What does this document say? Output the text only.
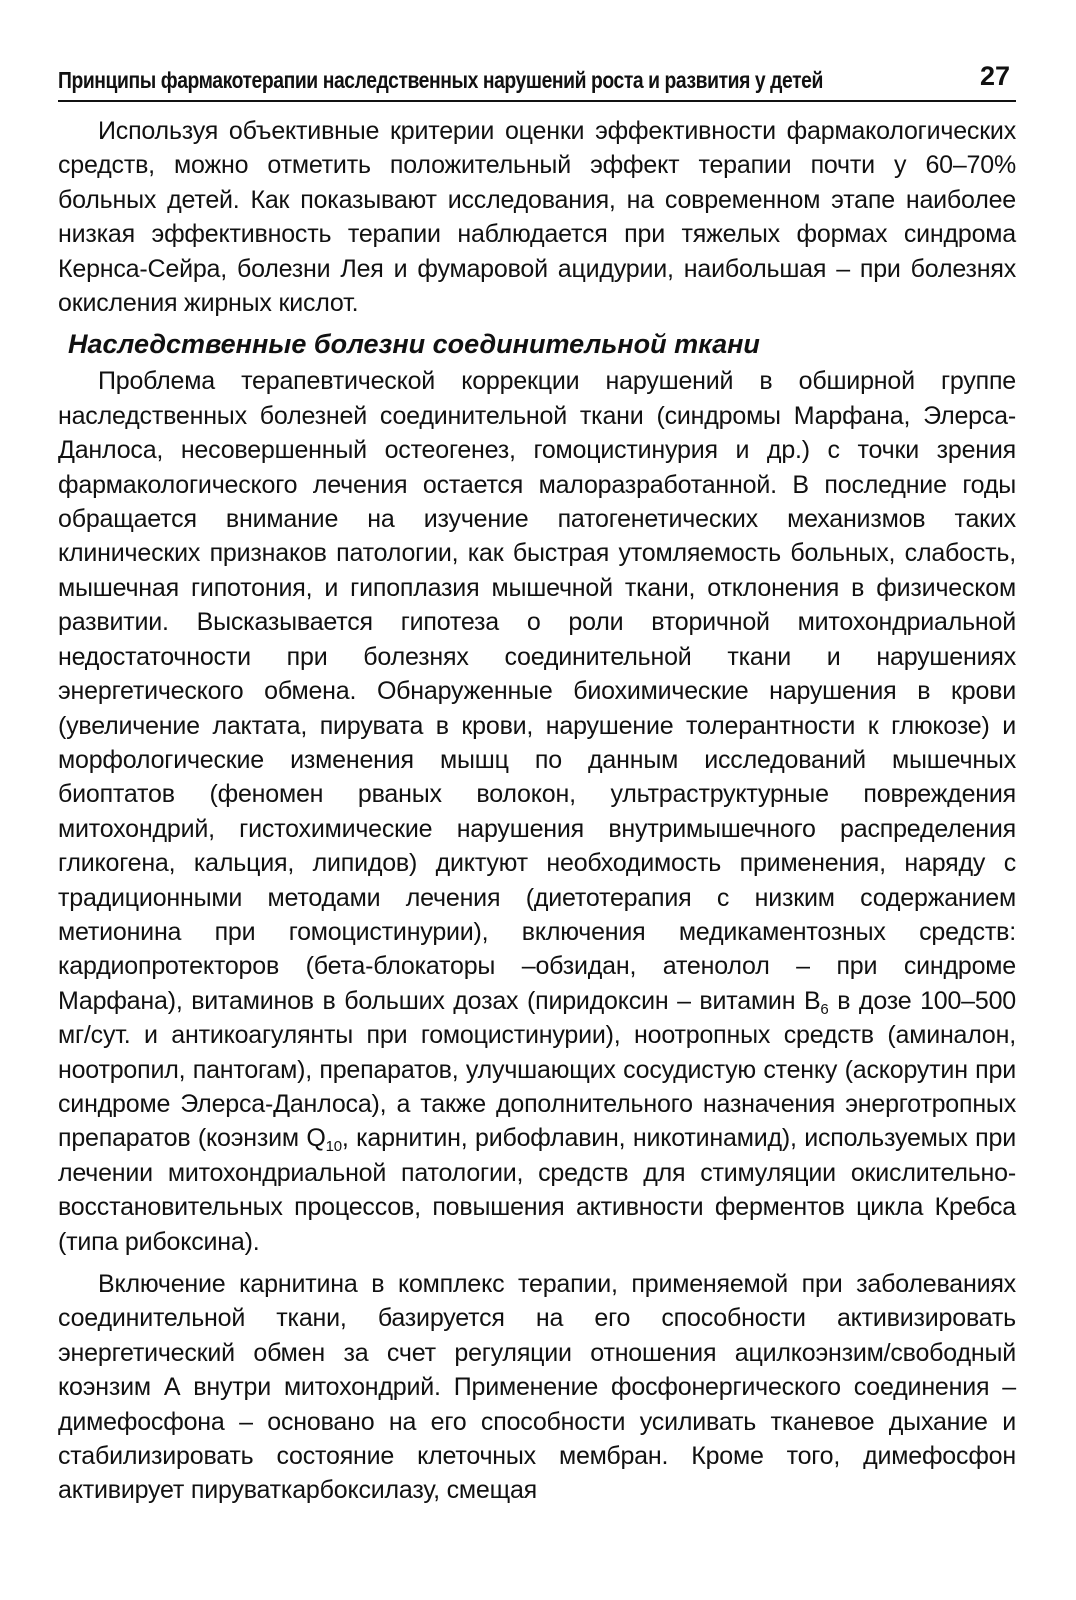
Принципы фармакотерапии наследственных нарушений роста и развития у детей	27

Используя объективные критерии оценки эффективности фармакологических средств, можно отметить положительный эффект терапии почти у 60–70% больных детей. Как показывают исследования, на современном этапе наиболее низкая эффективность терапии наблюдается при тяжелых формах синдрома Кернса-Сейра, болезни Лея и фумаровой ацидурии, наибольшая – при болезнях окисления жирных кислот.

Наследственные болезни соединительной ткани

Проблема терапевтической коррекции нарушений в обширной группе наследственных болезней соединительной ткани (синдромы Марфана, Элерса-Данлоса, несовершенный остеогенез, гомоцистинурия и др.) с точки зрения фармакологического лечения остается малоразработанной. В последние годы обращается внимание на изучение патогенетических механизмов таких клинических признаков патологии, как быстрая утомляемость больных, слабость, мышечная гипотония, и гипоплазия мышечной ткани, отклонения в физическом развитии. Высказывается гипотеза о роли вторичной митохондриальной недостаточности при болезнях соединительной ткани и нарушениях энергетического обмена. Обнаруженные биохимические нарушения в крови (увеличение лактата, пирувата в крови, нарушение толерантности к глюкозе) и морфологические изменения мышц по данным исследований мышечных биоптатов (феномен рваных волокон, ультраструктурные повреждения митохондрий, гистохимические нарушения внутримышечного распределения гликогена, кальция, липидов) диктуют необходимость применения, наряду с традиционными методами лечения (диетотерапия с низким содержанием метионина при гомоцистинурии), включения медикаментозных средств: кардиопротекторов (бета-блокаторы –обзидан, атенолол – при синдроме Марфана), витаминов в больших дозах (пиридоксин – витамин $B_6$ в дозе 100–500 мг/сут. и антикоагулянты при гомоцистинурии), ноотропных средств (аминалон, ноотропил, пантогам), препаратов, улучшающих сосудистую стенку (аскорутин при синдроме Элерса-Данлоса), а также дополнительного назначения энерготропных препаратов (коэнзим $Q_{10}$, карнитин, рибофлавин, никотинамид), используемых при лечении митохондриальной патологии, средств для стимуляции окислительно-восстановительных процессов, повышения активности ферментов цикла Кребса (типа рибоксина).

Включение карнитина в комплекс терапии, применяемой при заболеваниях соединительной ткани, базируется на его способности активизировать энергетический обмен за счет регуляции отношения ацилкоэнзим/свободный коэнзим А внутри митохондрий. Применение фосфонергического соединения – димефосфона – основано на его способности усиливать тканевое дыхание и стабилизировать состояние клеточных мембран. Кроме того, димефосфон активирует пируваткарбоксилазу, смещая
